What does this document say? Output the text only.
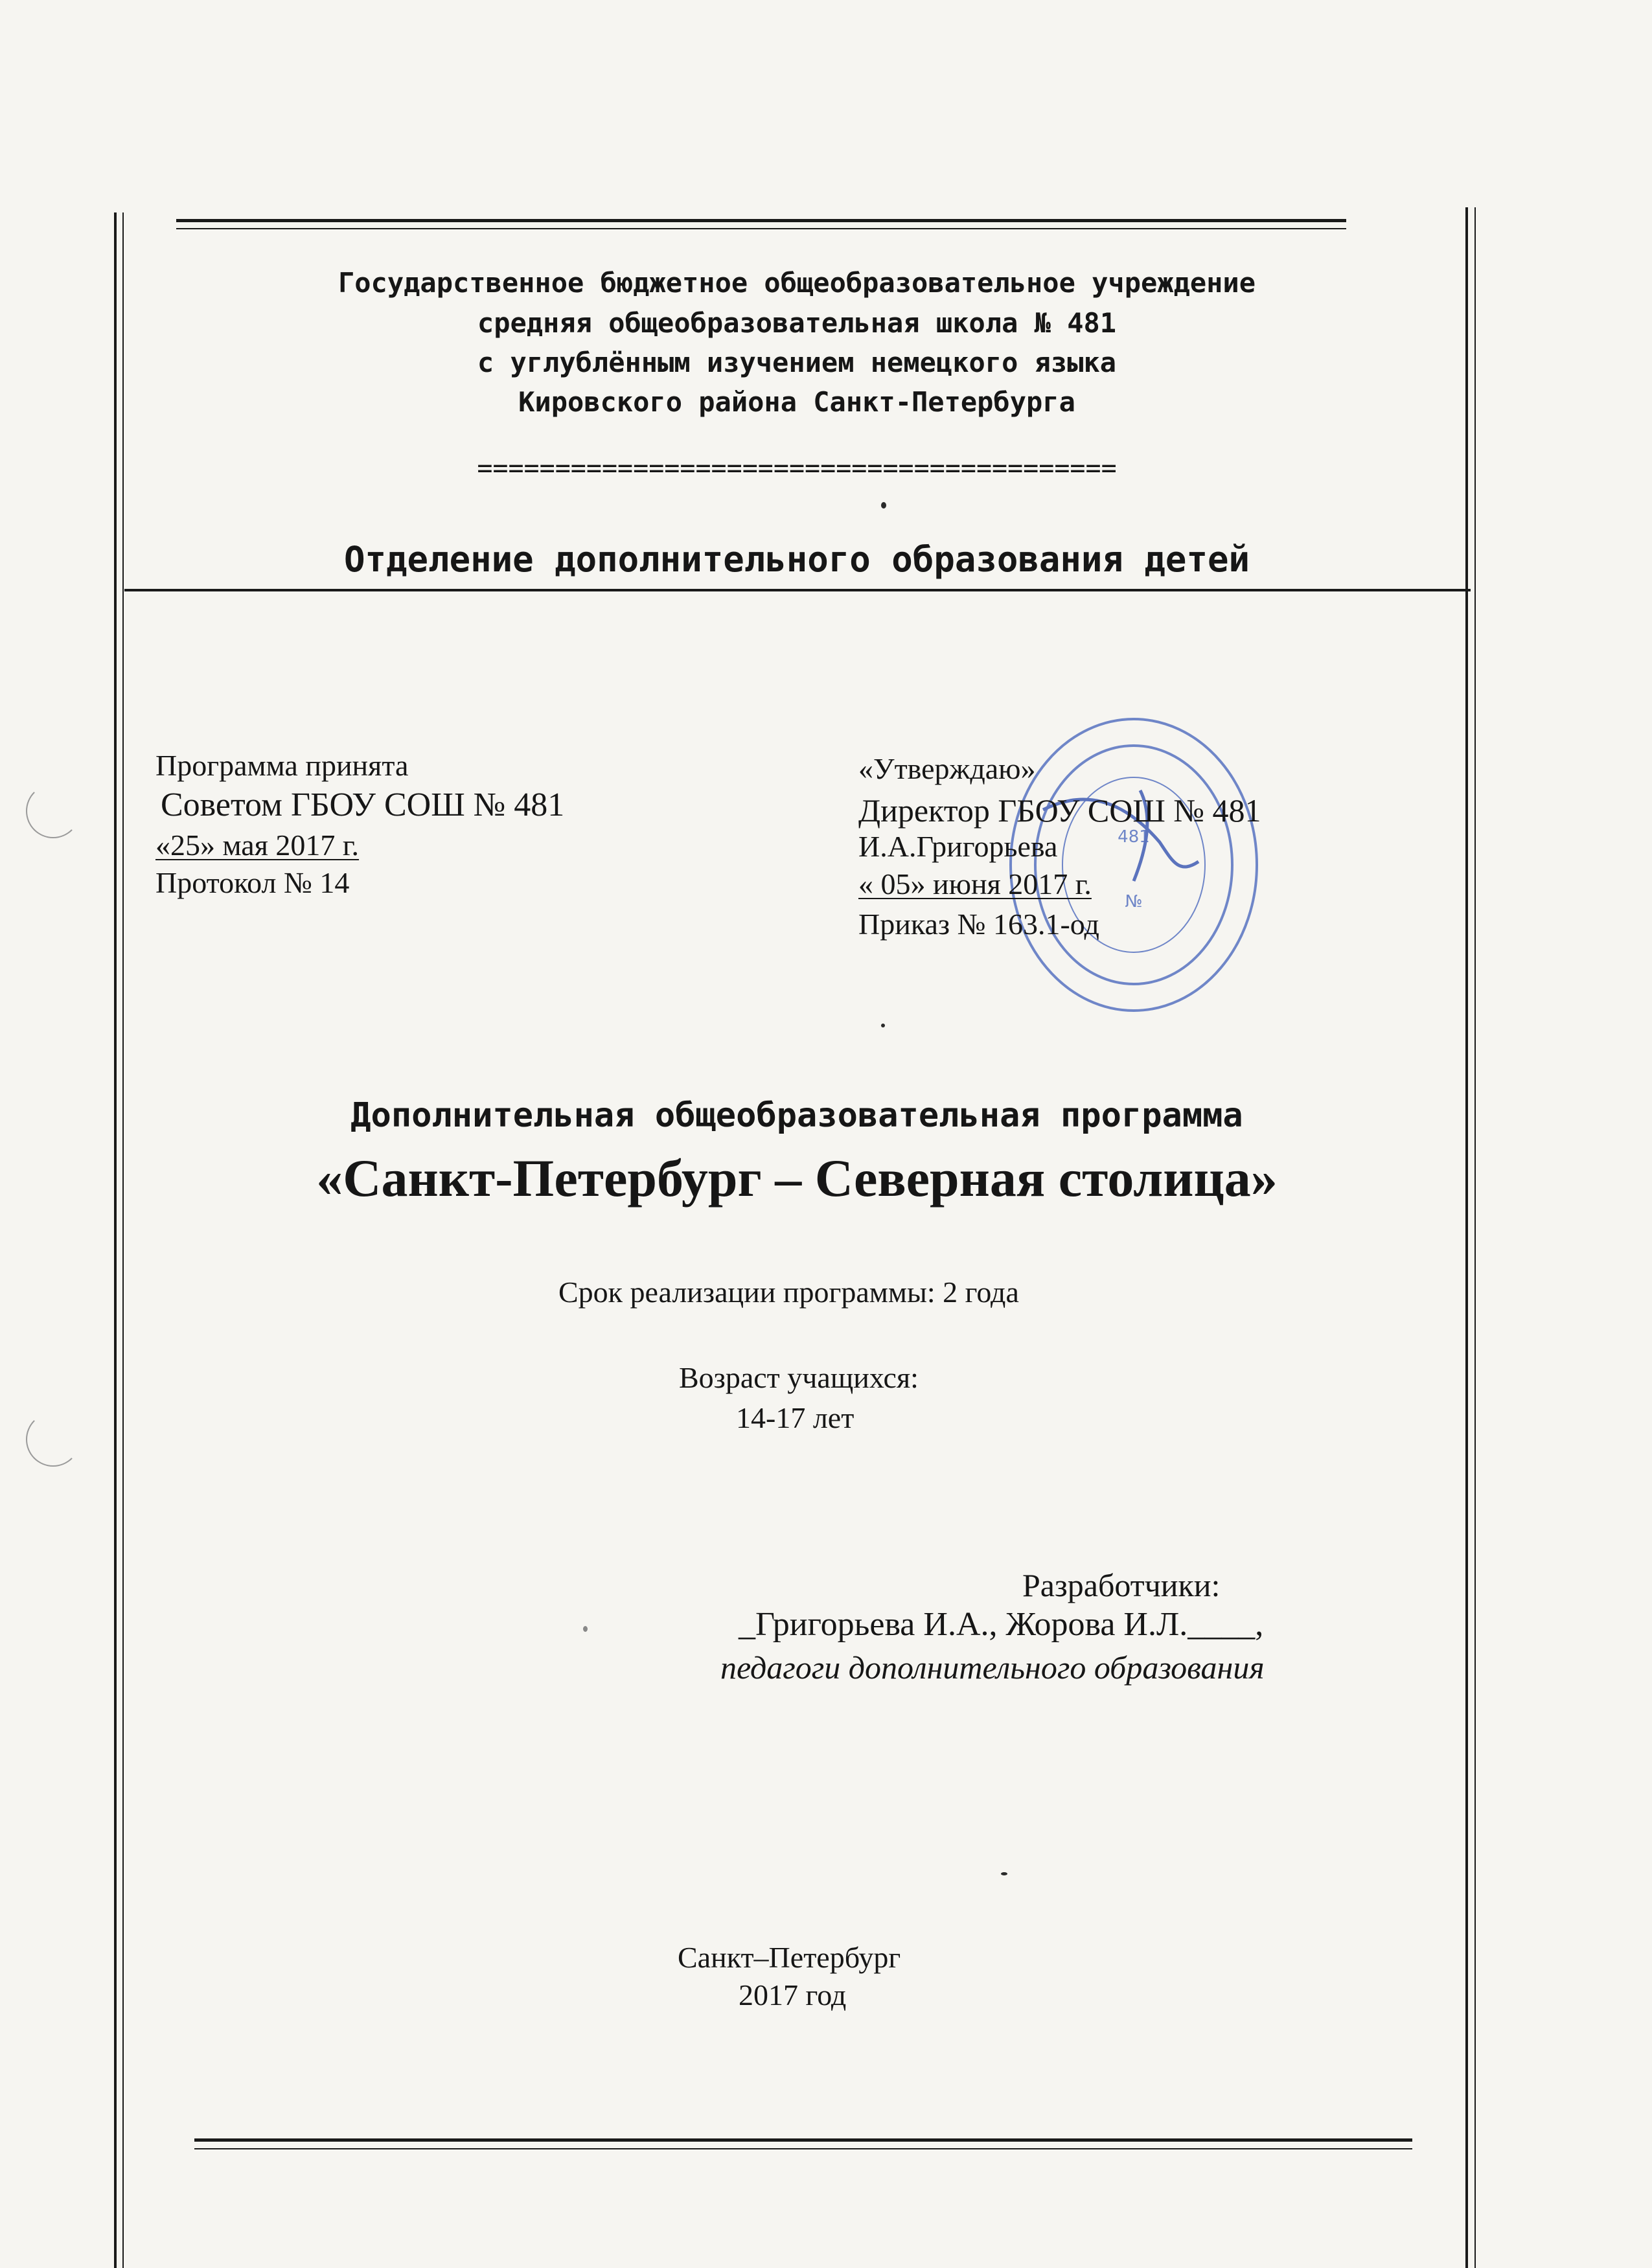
Государственное бюджетное общеобразовательное учреждение
средняя общеобразовательная школа № 481
с углублённым изучением немецкого языка
Кировского района Санкт-Петербурга
=========================================
Отделение дополнительного образования детей
Программа принята
Советом ГБОУ СОШ № 481
«25» мая 2017 г.
Протокол № 14
481
№
«Утверждаю»
Директор ГБОУ СОШ № 481
И.А.Григорьева
« 05» июня 2017 г.
Приказ № 163.1-од
Дополнительная общеобразовательная программа
«Санкт-Петербург – Северная столица»
Срок реализации программы: 2 года
Возраст учащихся:
14-17 лет
Разработчики:
_Григорьева И.А., Жорова И.Л.____,
педагоги дополнительного образования
Санкт–Петербург
2017 год
